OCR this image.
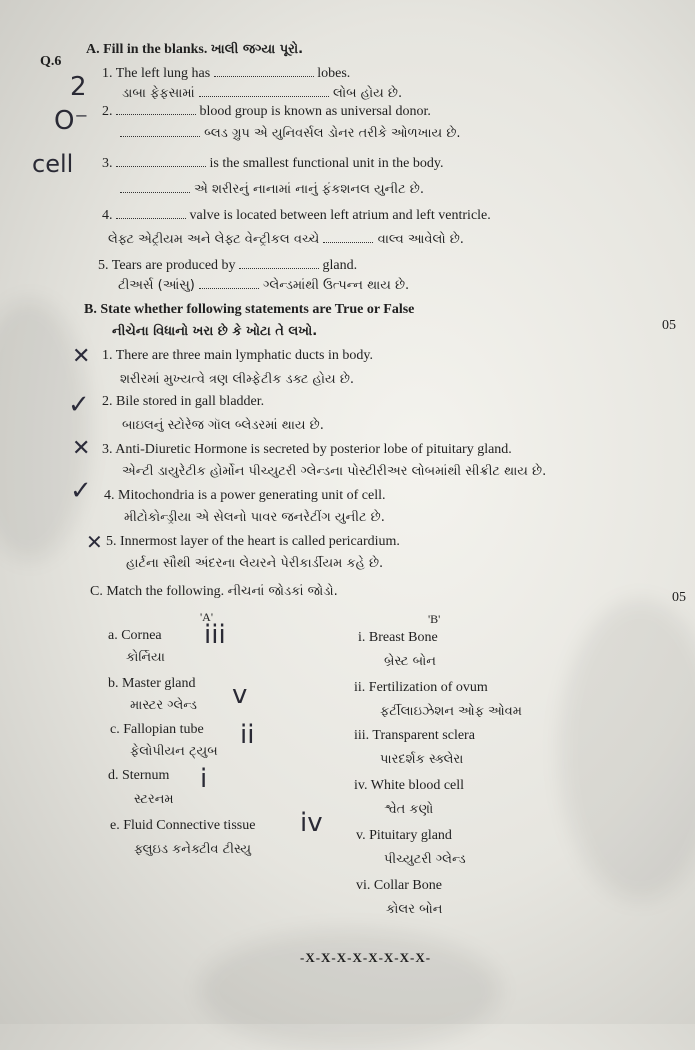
Q.6
A. Fill in the blanks. ખાલી જગ્યા પૂરો.
1. The left lung has	lobes.
2	ડાબા ફેફસામાં	લોબ હોય છે.
O⁻ 2.	blood group is known as universal donor.
બ્લડ ગ્રુપ એ યુનિવર્સલ ડોનર તરીકે ઓળખાય છે.
cell 3.	is the smallest functional unit in the body.
એ શરીરનું નાનામાં નાનું ફંકશનલ યુનીટ છે.
4.	valve is located between left atrium and left ventricle.
લેફ્ટ એટ્રીયમ અને લેફ્ટ વેન્ટ્રીકલ વચ્ચે	વાલ્વ આવેલો છે.
5. Tears are produced by	gland.
ટીઅર્સ (આંસુ)	ગ્લેન્ડમાંથી ઉત્પન્ન થાય છે.
B. State whether following statements are True or False
નીચેના વિધાનો ખરા છે કે ખોટા તે લખો.	05
✕ 1. There are three main lymphatic ducts in body.
શરીરમાં મુખ્યત્વે ત્રણ લીમ્ફેટીક ડક્ટ હોય છે.
✓ 2. Bile stored in gall bladder.
બાઇલનું સ્ટોરેજ ગૉલ બ્લેડરમાં થાય છે.
✕ 3. Anti-Diuretic Hormone is secreted by posterior lobe of pituitary gland.
એન્ટી ડાયુરેટીક હોર્મોન પીચ્યુટરી ગ્લેન્ડના પોસ્ટીરીઅર લોબમાંથી સીક્રીટ થાય છે.
✓ 4. Mitochondria is a power generating unit of cell.
મીટોકોન્ડ્રીયા એ સેલનો પાવર જનરેટીંગ યુનીટ છે.
✕ 5. Innermost layer of the heart is called pericardium.
હાર્ટના સૌથી અંદરના લેયરને પેરીકાર્ડીયમ કહે છે.
C. Match the following. નીચનાં જોડકાં જોડો.	05
'A'	'B'
a. Cornea
કોર્નિયા
iii
b. Master gland
માસ્ટર ગ્લેન્ડ v
c. Fallopian tube
ફેલોપીયન ટ્યુબ
ii
d. Sternum
સ્ટરનમ
i
e. Fluid Connective tissue
ફ્લુઇડ કનેક્ટીવ ટીસ્યુ
iv
i. Breast Bone
બ્રેસ્ટ બોન
ii. Fertilization of ovum
ફર્ટીલાઇઝેશન ઓફ ઓવમ
iii. Transparent sclera
પારદર્શક સ્ક્લેરા
iv. White blood cell
શ્વેત કણો
v. Pituitary gland
પીચ્યુટરી ગ્લેન્ડ
vi. Collar Bone
કોલર બોન
-X-X-X-X-X-X-X-X-
